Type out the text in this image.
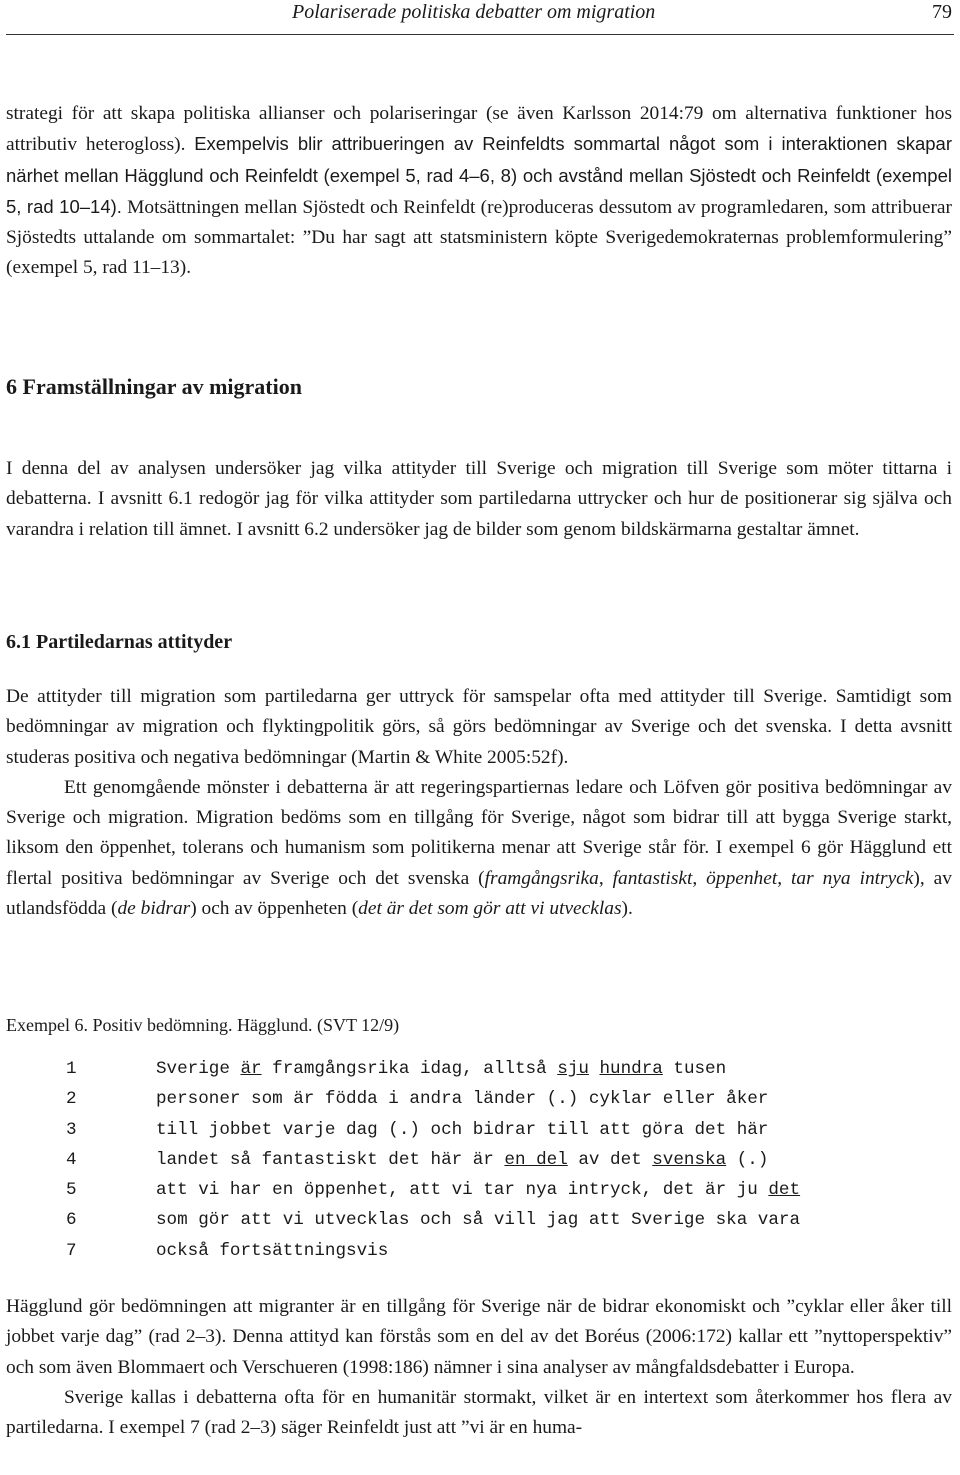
Polariserade politiska debatter om migration	79

strategi för att skapa politiska allianser och polariseringar (se även Karlsson 2014:79 om alternativa funktioner hos attributiv heterogloss). Exempelvis blir attribueringen av Reinfeldts sommartal något som i interaktionen skapar närhet mellan Hägglund och Reinfeldt (exempel 5, rad 4–6, 8) och avstånd mellan Sjöstedt och Reinfeldt (exempel 5, rad 10–14). Motsättningen mellan Sjöstedt och Reinfeldt (re)produceras dessutom av programledaren, som attribuerar Sjöstedts uttalande om sommartalet: ”Du har sagt att statsministern köpte Sverigedemokraternas problemformulering” (exempel 5, rad 11–13).

6 Framställningar av migration

I denna del av analysen undersöker jag vilka attityder till Sverige och migration till Sverige som möter tittarna i debatterna. I avsnitt 6.1 redogör jag för vilka attityder som partiledarna uttrycker och hur de positionerar sig själva och varandra i relation till ämnet. I avsnitt 6.2 undersöker jag de bilder som genom bildskärmarna gestaltar ämnet.

6.1 Partiledarnas attityder

De attityder till migration som partiledarna ger uttryck för samspelar ofta med attityder till Sverige. Samtidigt som bedömningar av migration och flyktingpolitik görs, så görs bedömningar av Sverige och det svenska. I detta avsnitt studeras positiva och negativa bedömningar (Martin & White 2005:52f).

Ett genomgående mönster i debatterna är att regeringspartiernas ledare och Löfven gör positiva bedömningar av Sverige och migration. Migration bedöms som en tillgång för Sverige, något som bidrar till att bygga Sverige starkt, liksom den öppenhet, tolerans och humanism som politikerna menar att Sverige står för. I exempel 6 gör Hägglund ett flertal positiva bedömningar av Sverige och det svenska (framgångsrika, fantastiskt, öppenhet, tar nya intryck), av utlandsfödda (de bidrar) och av öppenheten (det är det som gör att vi utvecklas).

Exempel 6. Positiv bedömning. Hägglund. (SVT 12/9)
1	Sverige är framgångsrika idag, alltså sju hundra tusen
2	personer som är födda i andra länder (.) cyklar eller åker
3	till jobbet varje dag (.) och bidrar till att göra det här
4	landet så fantastiskt det här är en del av det svenska (.)
5	att vi har en öppenhet, att vi tar nya intryck, det är ju det
6	som gör att vi utvecklas och så vill jag att Sverige ska vara
7	också fortsättningsvis

Hägglund gör bedömningen att migranter är en tillgång för Sverige när de bidrar ekonomiskt och ”cyklar eller åker till jobbet varje dag” (rad 2–3). Denna attityd kan förstås som en del av det Boréus (2006:172) kallar ett ”nyttoperspektiv” och som även Blommaert och Verschueren (1998:186) nämner i sina analyser av mångfaldsdebatter i Europa.

Sverige kallas i debatterna ofta för en humanitär stormakt, vilket är en intertext som återkommer hos flera av partiledarna. I exempel 7 (rad 2–3) säger Reinfeldt just att ”vi är en huma-
